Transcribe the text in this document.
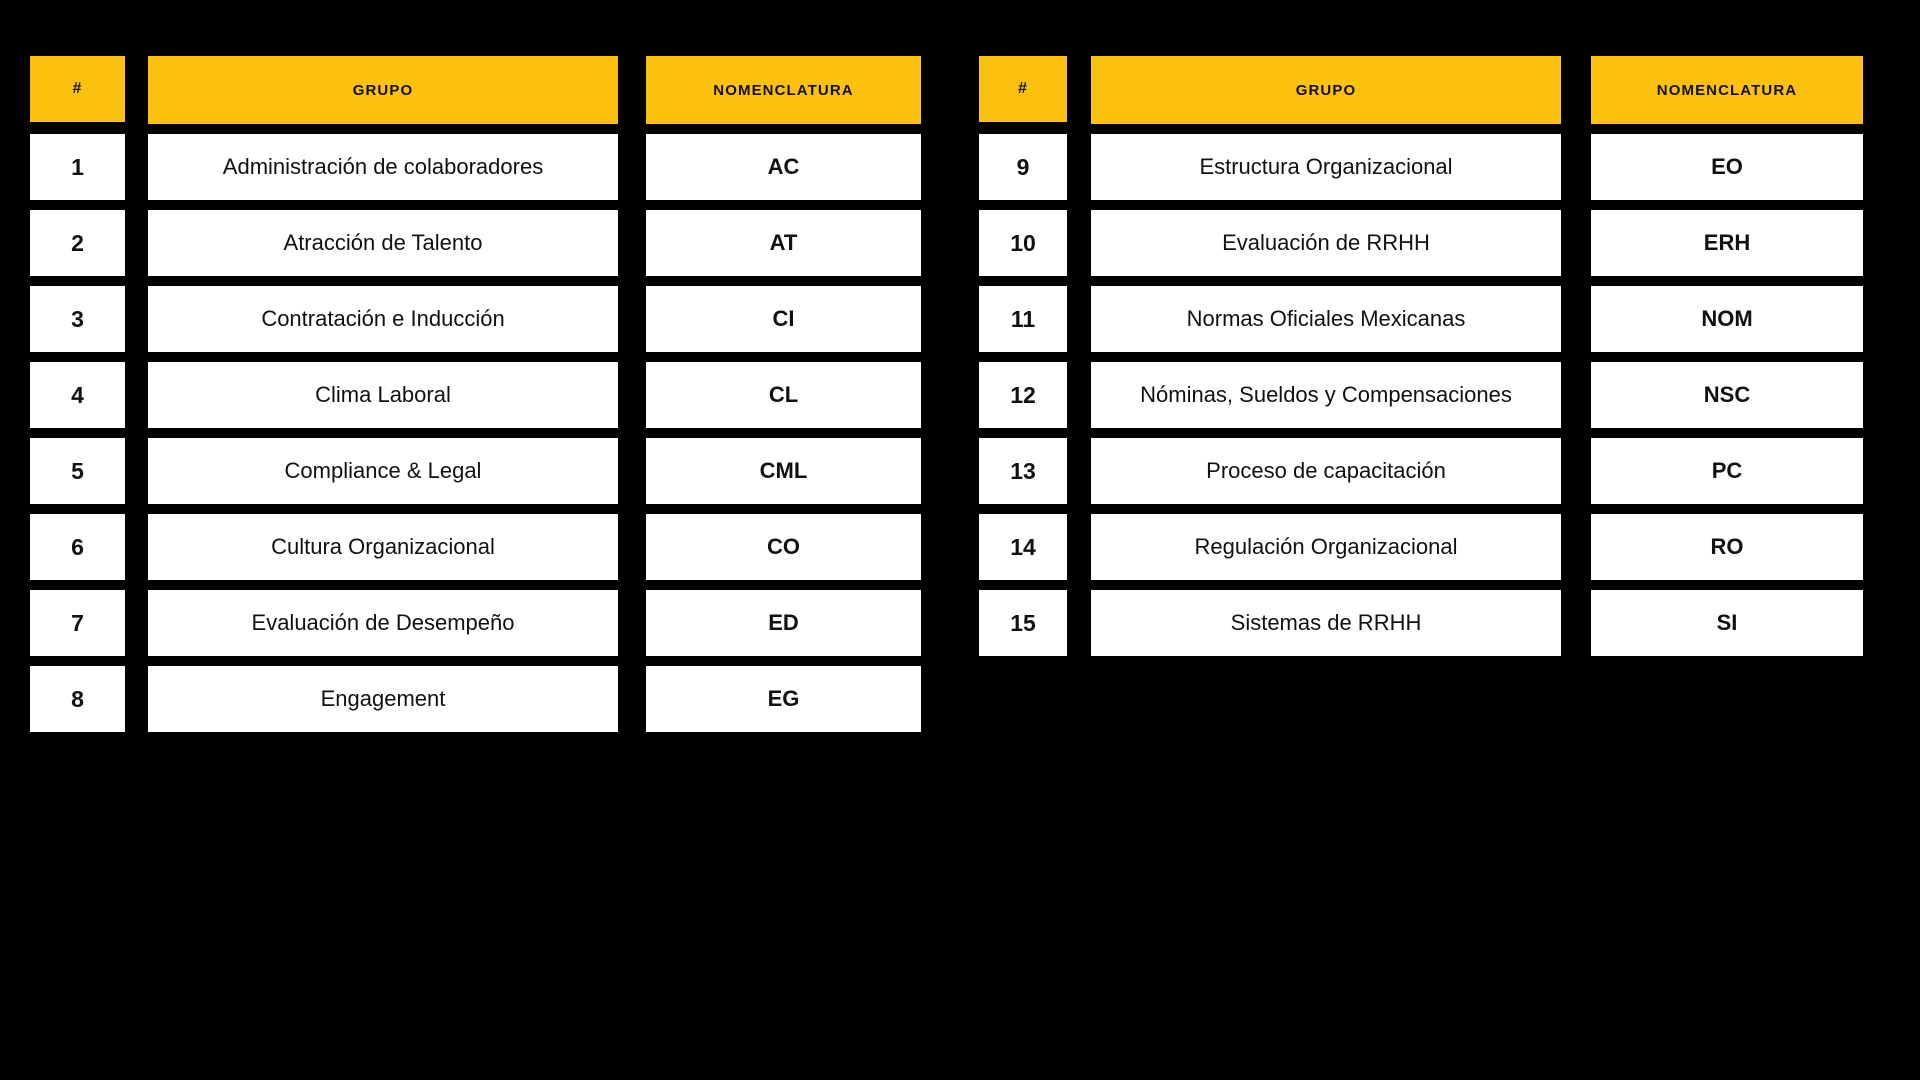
#	GRUPO	NOMENCLATURA
1	Administración de colaboradores	AC
2	Atracción de Talento	AT
3	Contratación e Inducción	CI
4	Clima Laboral	CL
5	Compliance & Legal	CML
6	Cultura Organizacional	CO
7	Evaluación de Desempeño	ED
8	Engagement	EG
#	GRUPO	NOMENCLATURA
9	Estructura Organizacional	EO
10	Evaluación de RRHH	ERH
11	Normas Oficiales Mexicanas	NOM
12	Nóminas, Sueldos y Compensaciones	NSC
13	Proceso de capacitación	PC
14	Regulación Organizacional	RO
15	Sistemas de RRHH	SI
